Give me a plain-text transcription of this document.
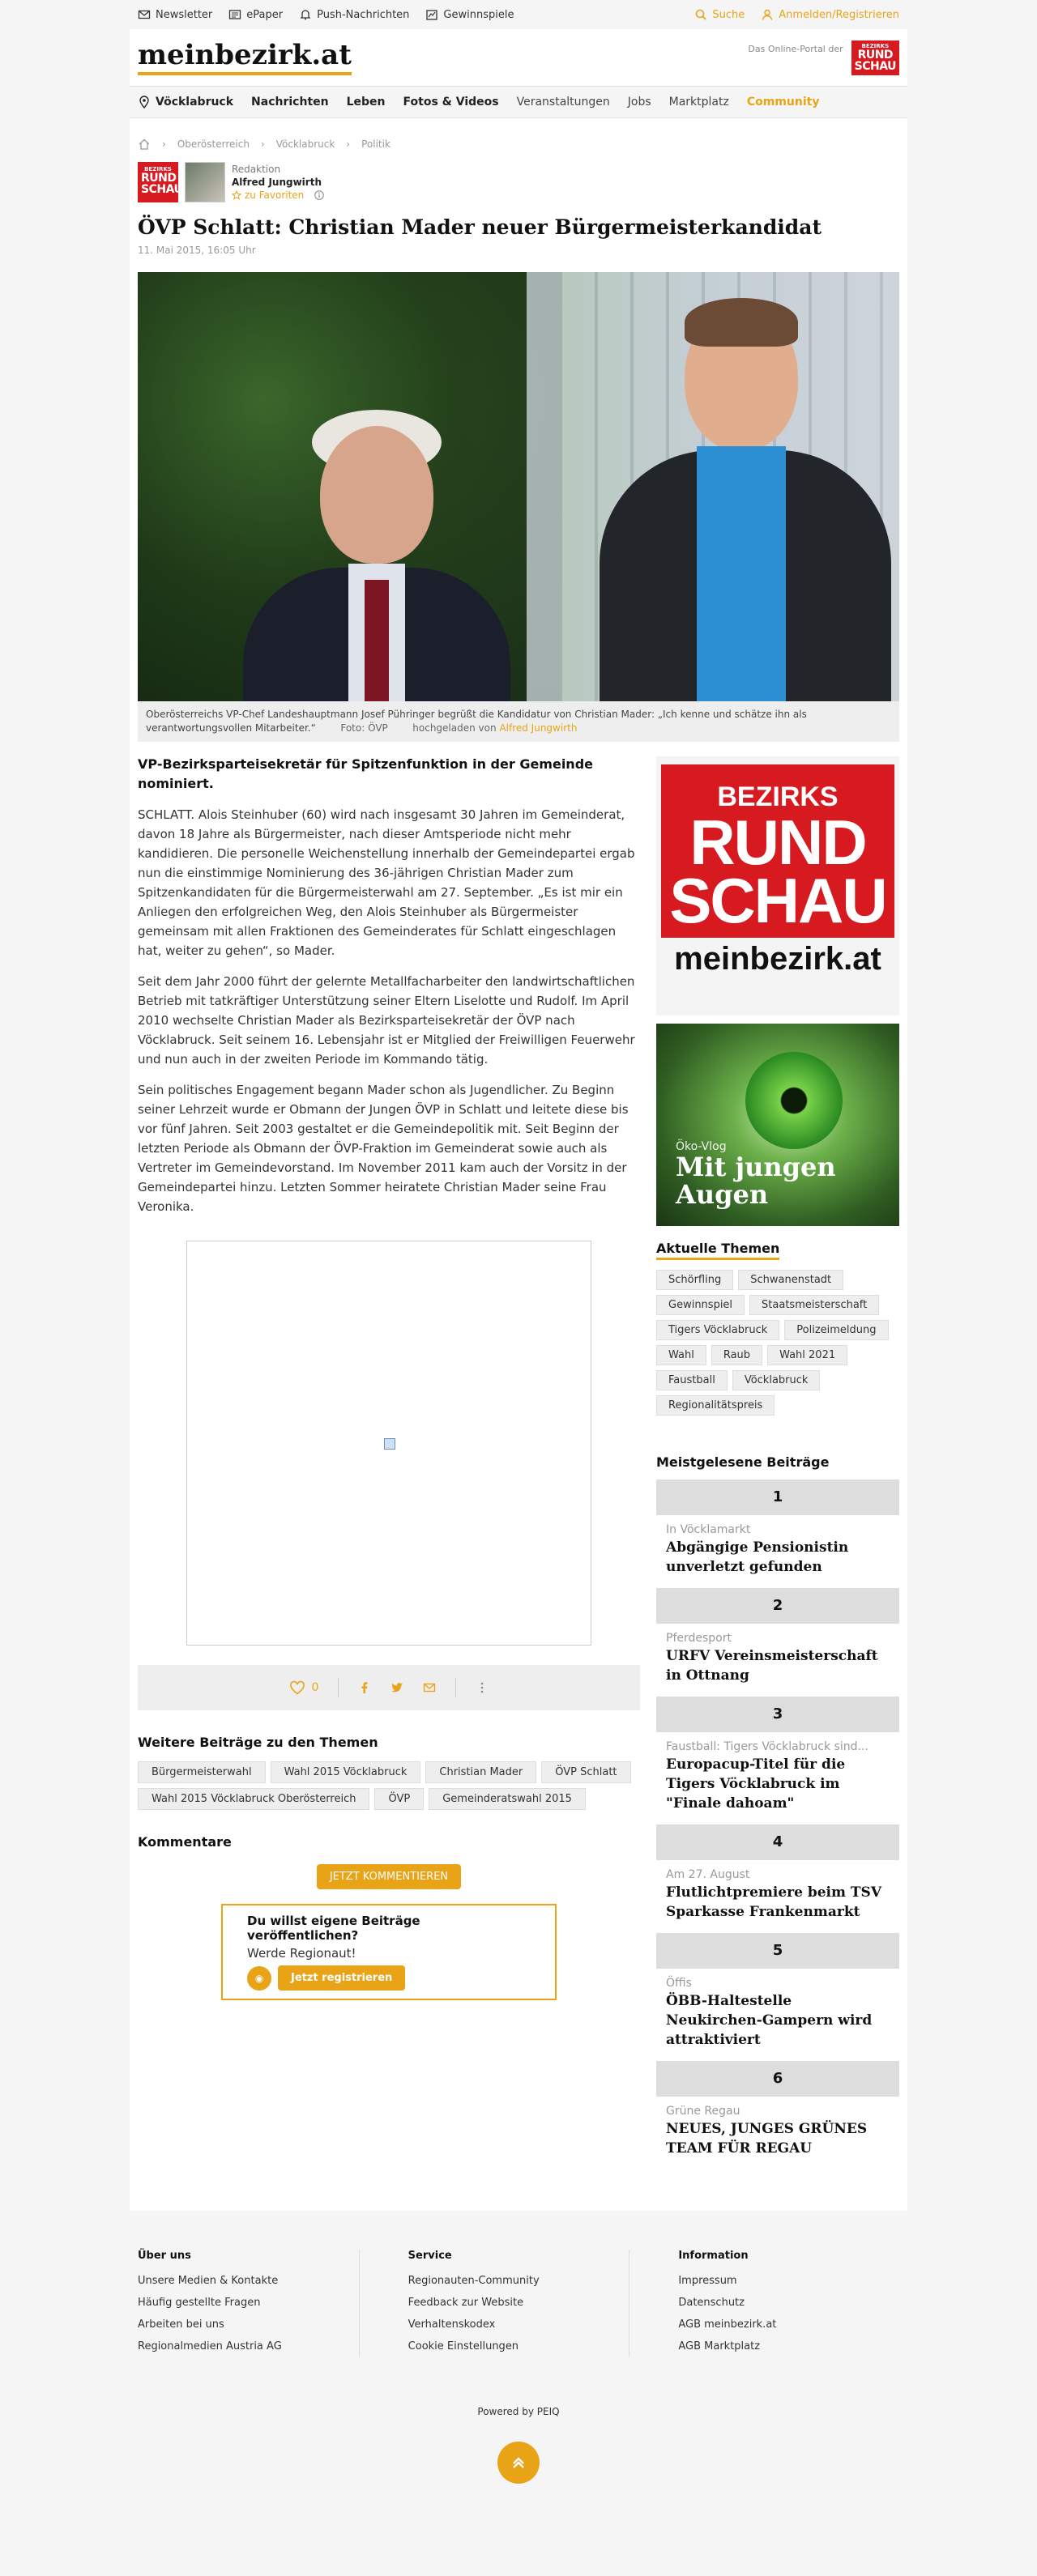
Newsletter	ePaper	Push-Nachrichten	Gewinnspiele	Suche	Anmelden/Registrieren
meinbezirk.at	Das Online-Portal der	BEZIRKS
RUND
SCHAU
Vöcklabruck Nachrichten Leben Fotos & Videos Veranstaltungen Jobs Marktplatz Community
› Oberösterreich › Vöcklabruck › Politik
BEZIRKS
RUND
SCHAU
Redaktion
Alfred Jungwirth
zu Favoriten
ÖVP Schlatt: Christian Mader neuer Bürgermeisterkandidat
11. Mai 2015, 16:05 Uhr
Oberösterreichs VP-Chef Landeshauptmann Josef Pühringer begrüßt die Kandidatur von Christian Mader: „Ich kenne und schätze ihn als verantwortungsvollen Mitarbeiter.“	Foto: ÖVP	hochgeladen von Alfred Jungwirth
VP-Bezirksparteisekretär für Spitzenfunktion in der Gemeinde nominiert.

SCHLATT. Alois Steinhuber (60) wird nach insgesamt 30 Jahren im Gemeinderat, davon 18 Jahre als Bürgermeister, nach dieser Amtsperiode nicht mehr kandidieren. Die personelle Weichenstellung innerhalb der Gemeindepartei ergab nun die einstimmige Nominierung des 36-jährigen Christian Mader zum Spitzenkandidaten für die Bürgermeisterwahl am 27. September. „Es ist mir ein Anliegen den erfolgreichen Weg, den Alois Steinhuber als Bürgermeister gemeinsam mit allen Fraktionen des Gemeinderates für Schlatt eingeschlagen hat, weiter zu gehen“, so Mader.

Seit dem Jahr 2000 führt der gelernte Metallfacharbeiter den landwirtschaftlichen Betrieb mit tatkräftiger Unterstützung seiner Eltern Liselotte und Rudolf. Im April 2010 wechselte Christian Mader als Bezirksparteisekretär der ÖVP nach Vöcklabruck. Seit seinem 16. Lebensjahr ist er Mitglied der Freiwilligen Feuerwehr und nun auch in der zweiten Periode im Kommando tätig.

Sein politisches Engagement begann Mader schon als Jugendlicher. Zu Beginn seiner Lehrzeit wurde er Obmann der Jungen ÖVP in Schlatt und leitete diese bis vor fünf Jahren. Seit 2003 gestaltet er die Gemeindepolitik mit. Seit Beginn der letzten Periode als Obmann der ÖVP-Fraktion im Gemeinderat sowie auch als Vertreter im Gemeindevorstand. Im November 2011 kam auch der Vorsitz in der Gemeindepartei hinzu. Letzten Sommer heiratete Christian Mader seine Frau Veronika.

0
Weitere Beiträge zu den Themen
Bürgermeisterwahl	Wahl 2015 Vöcklabruck	Christian Mader	ÖVP Schlatt
Wahl 2015 Vöcklabruck Oberösterreich	ÖVP	Gemeinderatswahl 2015
Kommentare
JETZT KOMMENTIEREN
Du willst eigene Beiträge veröffentlichen?
Werde Regionaut!
◉	Jetzt registrieren
BEZIRKS
RUND
SCHAU
meinbezirk.at
Öko-Vlog
Mit jungen
Augen
Aktuelle Themen
Schörfling	Schwanenstadt
Gewinnspiel	Staatsmeisterschaft
Tigers Vöcklabruck	Polizeimeldung
Wahl	Raub	Wahl 2021
Faustball	Vöcklabruck
Regionalitätspreis
Meistgelesene Beiträge
1
In Vöcklamarkt
Abgängige Pensionistin unverletzt gefunden
2
Pferdesport
URFV Vereinsmeisterschaft in Ottnang
3
Faustball: Tigers Vöcklabruck sind...
Europacup-Titel für die Tigers Vöcklabruck im "Finale dahoam"
4
Am 27. August
Flutlichtpremiere beim TSV Sparkasse Frankenmarkt
5
Öffis
ÖBB-Haltestelle Neukirchen-Gampern wird attraktiviert
6
Grüne Regau
NEUES, JUNGES GRÜNES TEAM FÜR REGAU
Über uns
Unsere Medien & Kontakte
Häufig gestellte Fragen
Arbeiten bei uns
Regionalmedien Austria AG
Service
Regionauten-Community
Feedback zur Website
Verhaltenskodex
Cookie Einstellungen
Information
Impressum
Datenschutz
AGB meinbezirk.at
AGB Marktplatz
Powered by PEIQ
